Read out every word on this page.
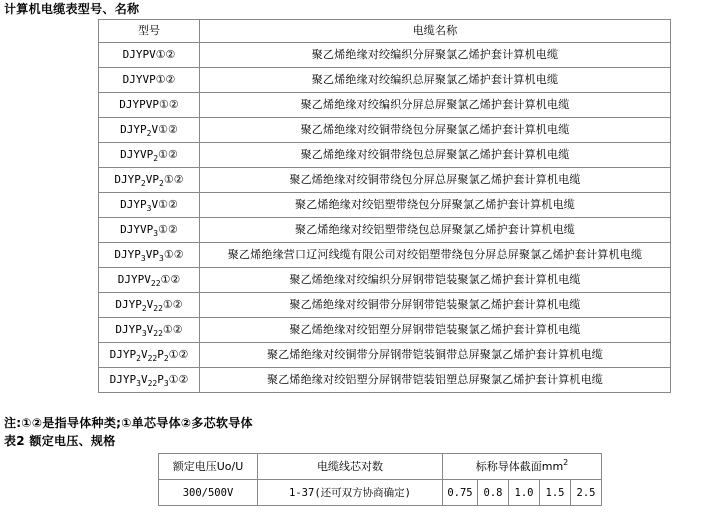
计算机电缆表型号、名称
型号	电缆名称
DJYPV①②	聚乙烯绝缘对绞编织分屏聚氯乙烯护套计算机电缆
DJYVP①②	聚乙烯绝缘对绞编织总屏聚氯乙烯护套计算机电缆
DJYPVP①②	聚乙烯绝缘对绞编织分屏总屏聚氯乙烯护套计算机电缆
$DJYP_2V①②$	聚乙烯绝缘对绞铜带绕包分屏聚氯乙烯护套计算机电缆
$DJYVP_2①②$	聚乙烯绝缘对绞铜带绕包总屏聚氯乙烯护套计算机电缆
$DJYP_2VP_2①②$	聚乙烯绝缘对绞铜带绕包分屏总屏聚氯乙烯护套计算机电缆
$DJYP_3V①②$	聚乙烯绝缘对绞铝塑带绕包分屏聚氯乙烯护套计算机电缆
$DJYVP_3①②$	聚乙烯绝缘对绞铝塑带绕包总屏聚氯乙烯护套计算机电缆
$DJYP_3VP_3①②$	聚乙烯绝缘营口辽河线缆有限公司对绞铝塑带绕包分屏总屏聚氯乙烯护套计算机电缆
$DJYPV_{22}①②$	聚乙烯绝缘对绞编织分屏钢带铠装聚氯乙烯护套计算机电缆
$DJYP_2V_{22}①②$	聚乙烯绝缘对绞铜带分屏钢带铠装聚氯乙烯护套计算机电缆
$DJYP_3V_{22}①②$	聚乙烯绝缘对绞铝塑分屏钢带铠装聚氯乙烯护套计算机电缆
$DJYP_2V_{22}P_2①②$	聚乙烯绝缘对绞铜带分屏钢带铠装铜带总屏聚氯乙烯护套计算机电缆
$DJYP_3V_{22}P_3①②$	聚乙烯绝缘对绞铝塑分屏钢带铠装铝塑总屏聚氯乙烯护套计算机电缆
注:①②是指导体种类;①单芯导体②多芯软导体
表2 额定电压、规格
额定电压Uo/U	电缆线芯对数	标称导体截面$mm^2$
300/500V	1-37(还可双方协商确定)	0.75	0.8	1.0	1.5	2.5
